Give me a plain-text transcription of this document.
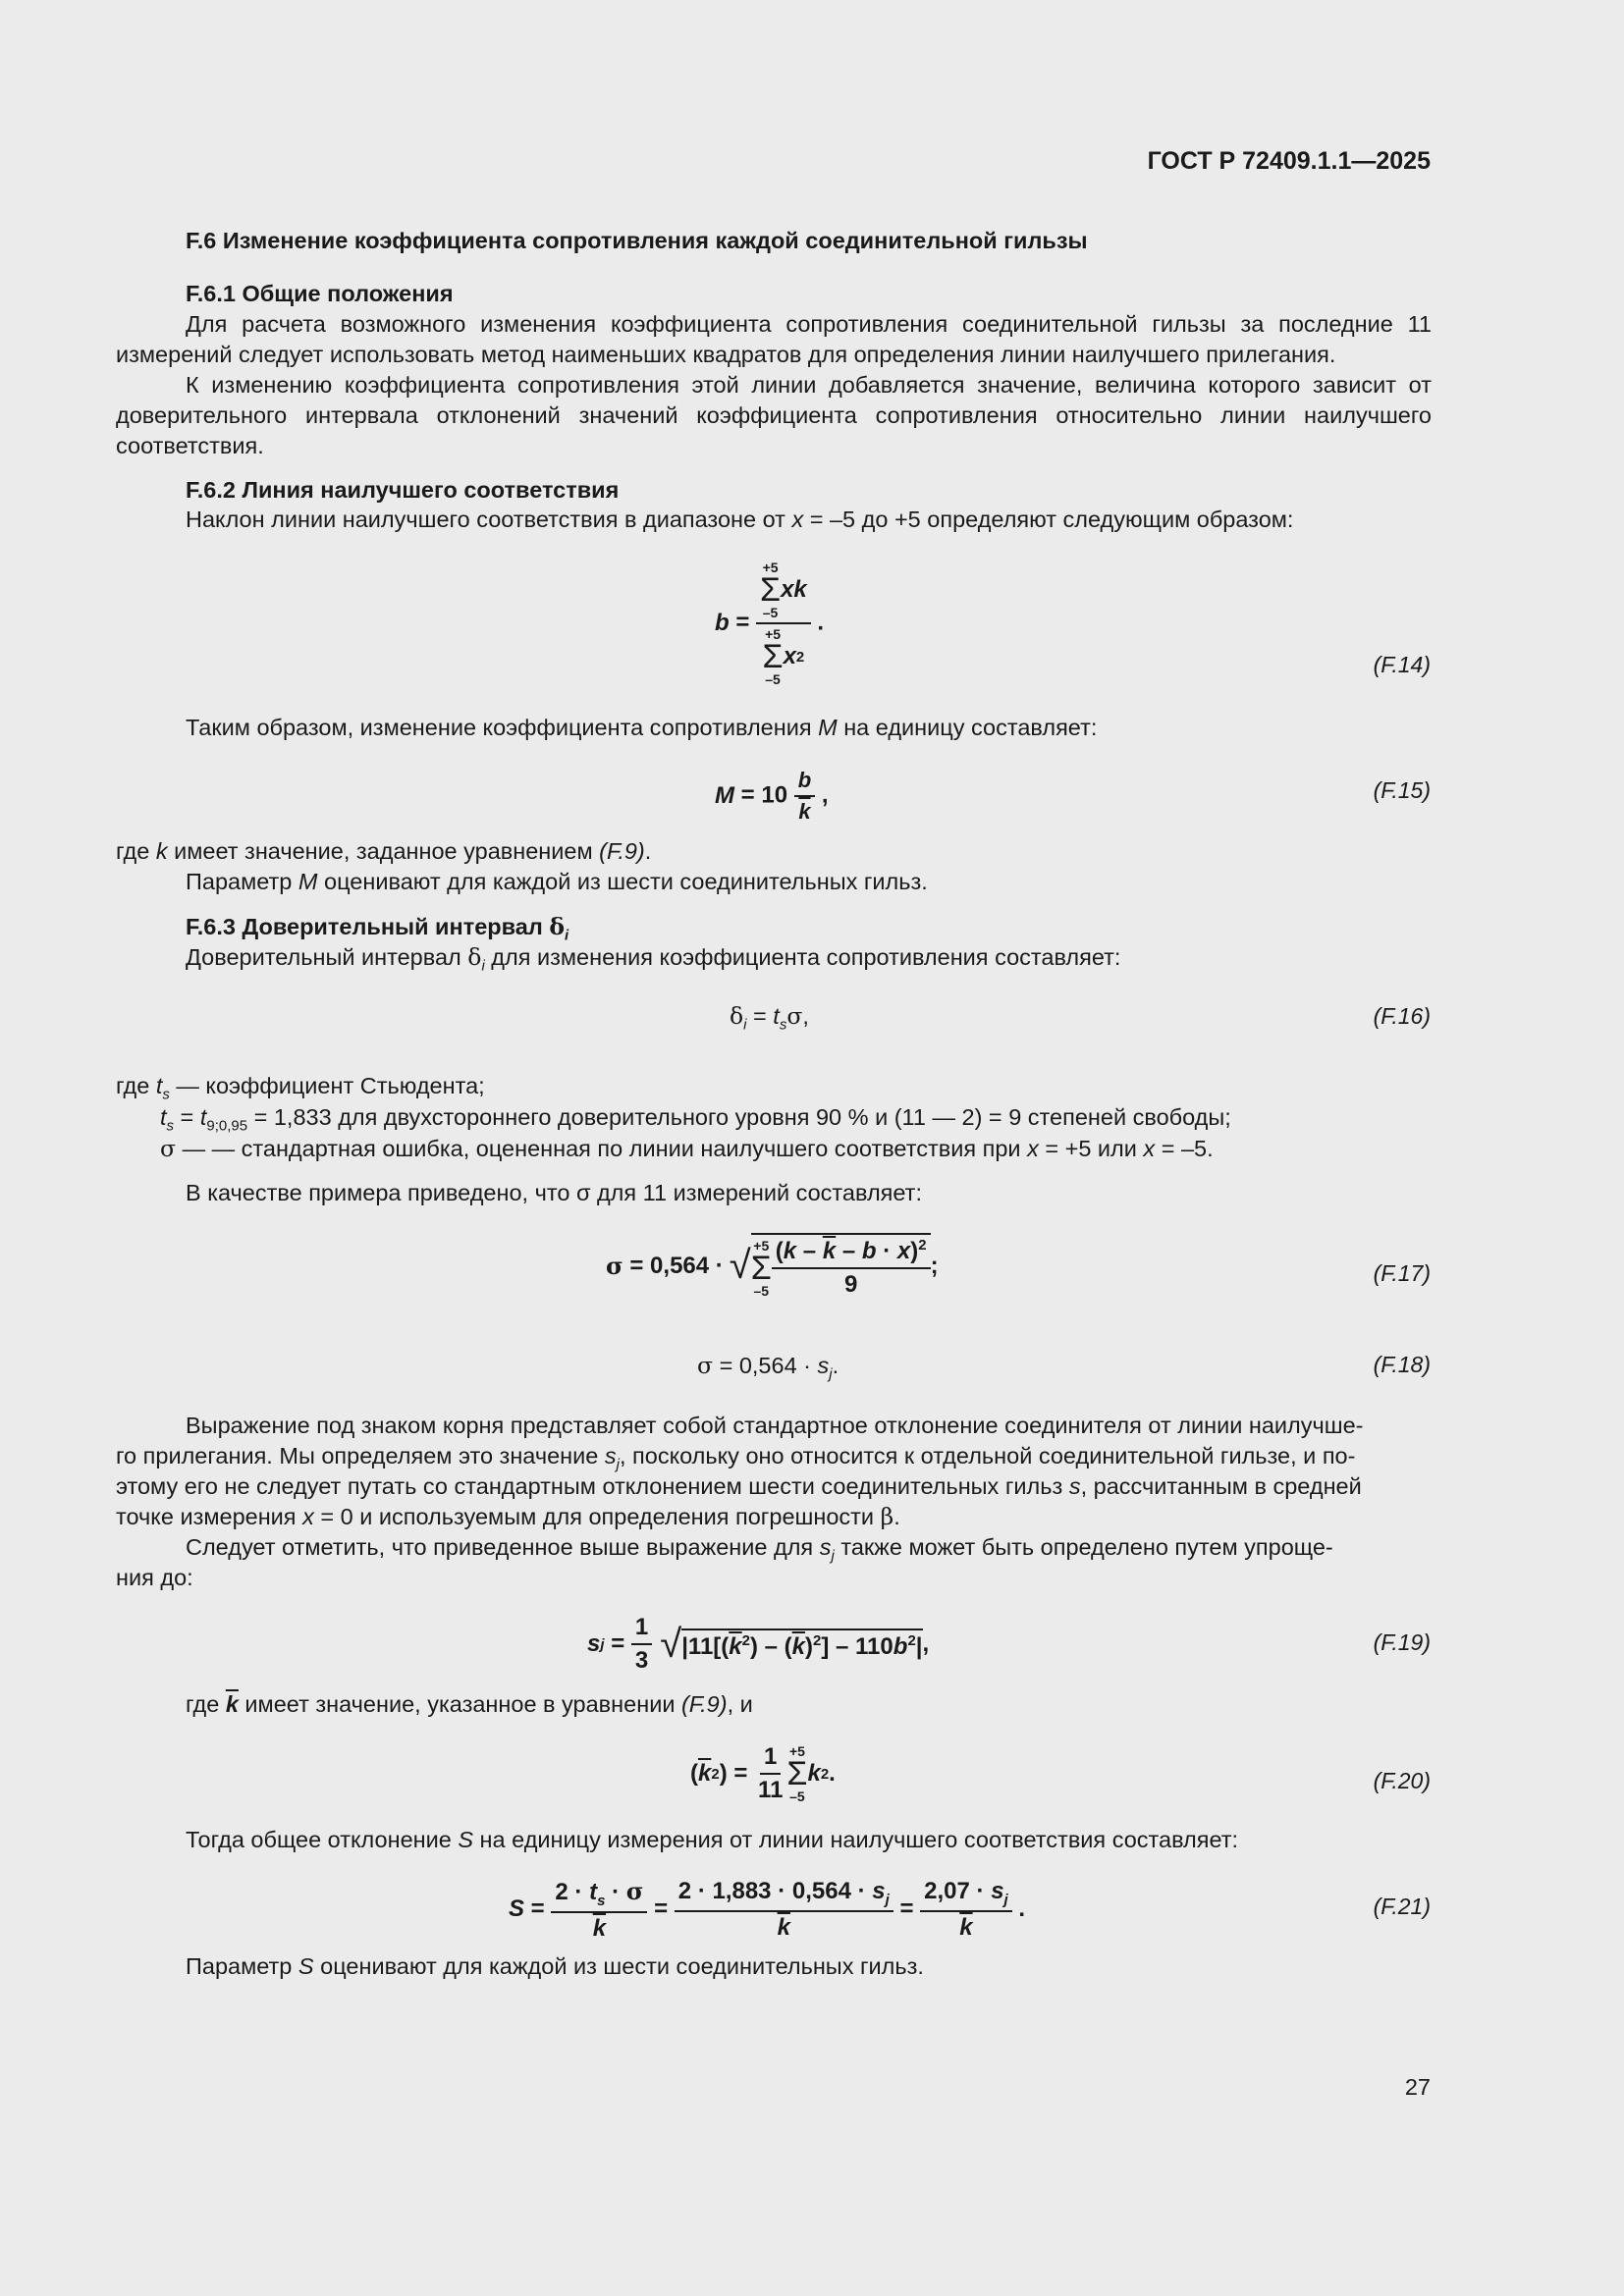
ГОСТ Р 72409.1.1—2025
F.6 Изменение коэффициента сопротивления каждой соединительной гильзы
F.6.1 Общие положения
Для расчета возможного изменения коэффициента сопротивления соединительной гильзы за последние 11 измерений следует использовать метод наименьших квадратов для определения линии наилучшего прилегания.
К изменению коэффициента сопротивления этой линии добавляется значение, величина которого зависит от доверительного интервала отклонений значений коэффициента сопротивления относительно линии наилучшего соответствия.
F.6.2 Линия наилучшего соответствия
Наклон линии наилучшего соответствия в диапазоне от x = –5 до +5 определяют следующим образом:
b = +5
Σ
–5
xk
+5
Σ
–5
x 2 .
(F.14)
Таким образом, изменение коэффициента сопротивления M на единицу составляет:
$M = 10 \frac{b}{k}$ ,	(F.15)
где k имеет значение, заданное уравнением (F.9).
Параметр M оценивают для каждой из шести соединительных гильз.
F.6.3 Доверительный интервал $\delta_i$
Доверительный интервал $\delta_i$ для изменения коэффициента сопротивления составляет:
$\delta_i = t_s\sigma$,	(F.16)
где $t_s$ — коэффициент Стьюдента;
$t_s = t_{9;0,95} = 1,833$ для двухстороннего доверительного уровня 90 % и (11 — 2) = 9 степеней свободы;
σ — — стандартная ошибка, оцененная по линии наилучшего соответствия при x = +5 или x = –5.
В качестве примера приведено, что σ для 11 измерений составляет:
σ = 0,564 · √ +5
Σ
$-5 \frac{(k - \overline{k} - b \cdot x)^2}{9}$ ;	(F.17)
$\sigma = 0,564 \cdot s_j$.	(F.18)
Выражение под знаком корня представляет собой стандартное отклонение соединителя от линии наилучше-
го прилегания. Мы определяем это значение $s_j$, поскольку оно относится к отдельной соединительной гильзе, и по-
этому его не следует путать со стандартным отклонением шести соединительных гильз s, рассчитанным в средней
точке измерения x = 0 и используемым для определения погрешности β.
Следует отметить, что приведенное выше выражение для $s_j$ также может быть определено путем упроще-
ния до:
s $j = \frac{1}{3}$ √ $|11[(\overline{k}^2) - (\overline{k})^2] - 110b^2|$ ,	(F.19)
где $\overline{k}$ имеет значение, указанное в уравнении (F.9), и
( $\overline{k}$ 2 ) = $\frac{1}{11} +5$
Σ
–5
k 2 .	(F.20)
Тогда общее отклонение S на единицу измерения от линии наилучшего соответствия составляет:
$S = \frac{2 \cdot t_s \cdot \sigma}{k} = \frac{2 \cdot 1,883 \cdot 0,564 \cdot s_j}{k} = \frac{2,07 \cdot s_j}{k}$ .	(F.21)
Параметр S оценивают для каждой из шести соединительных гильз.
27
